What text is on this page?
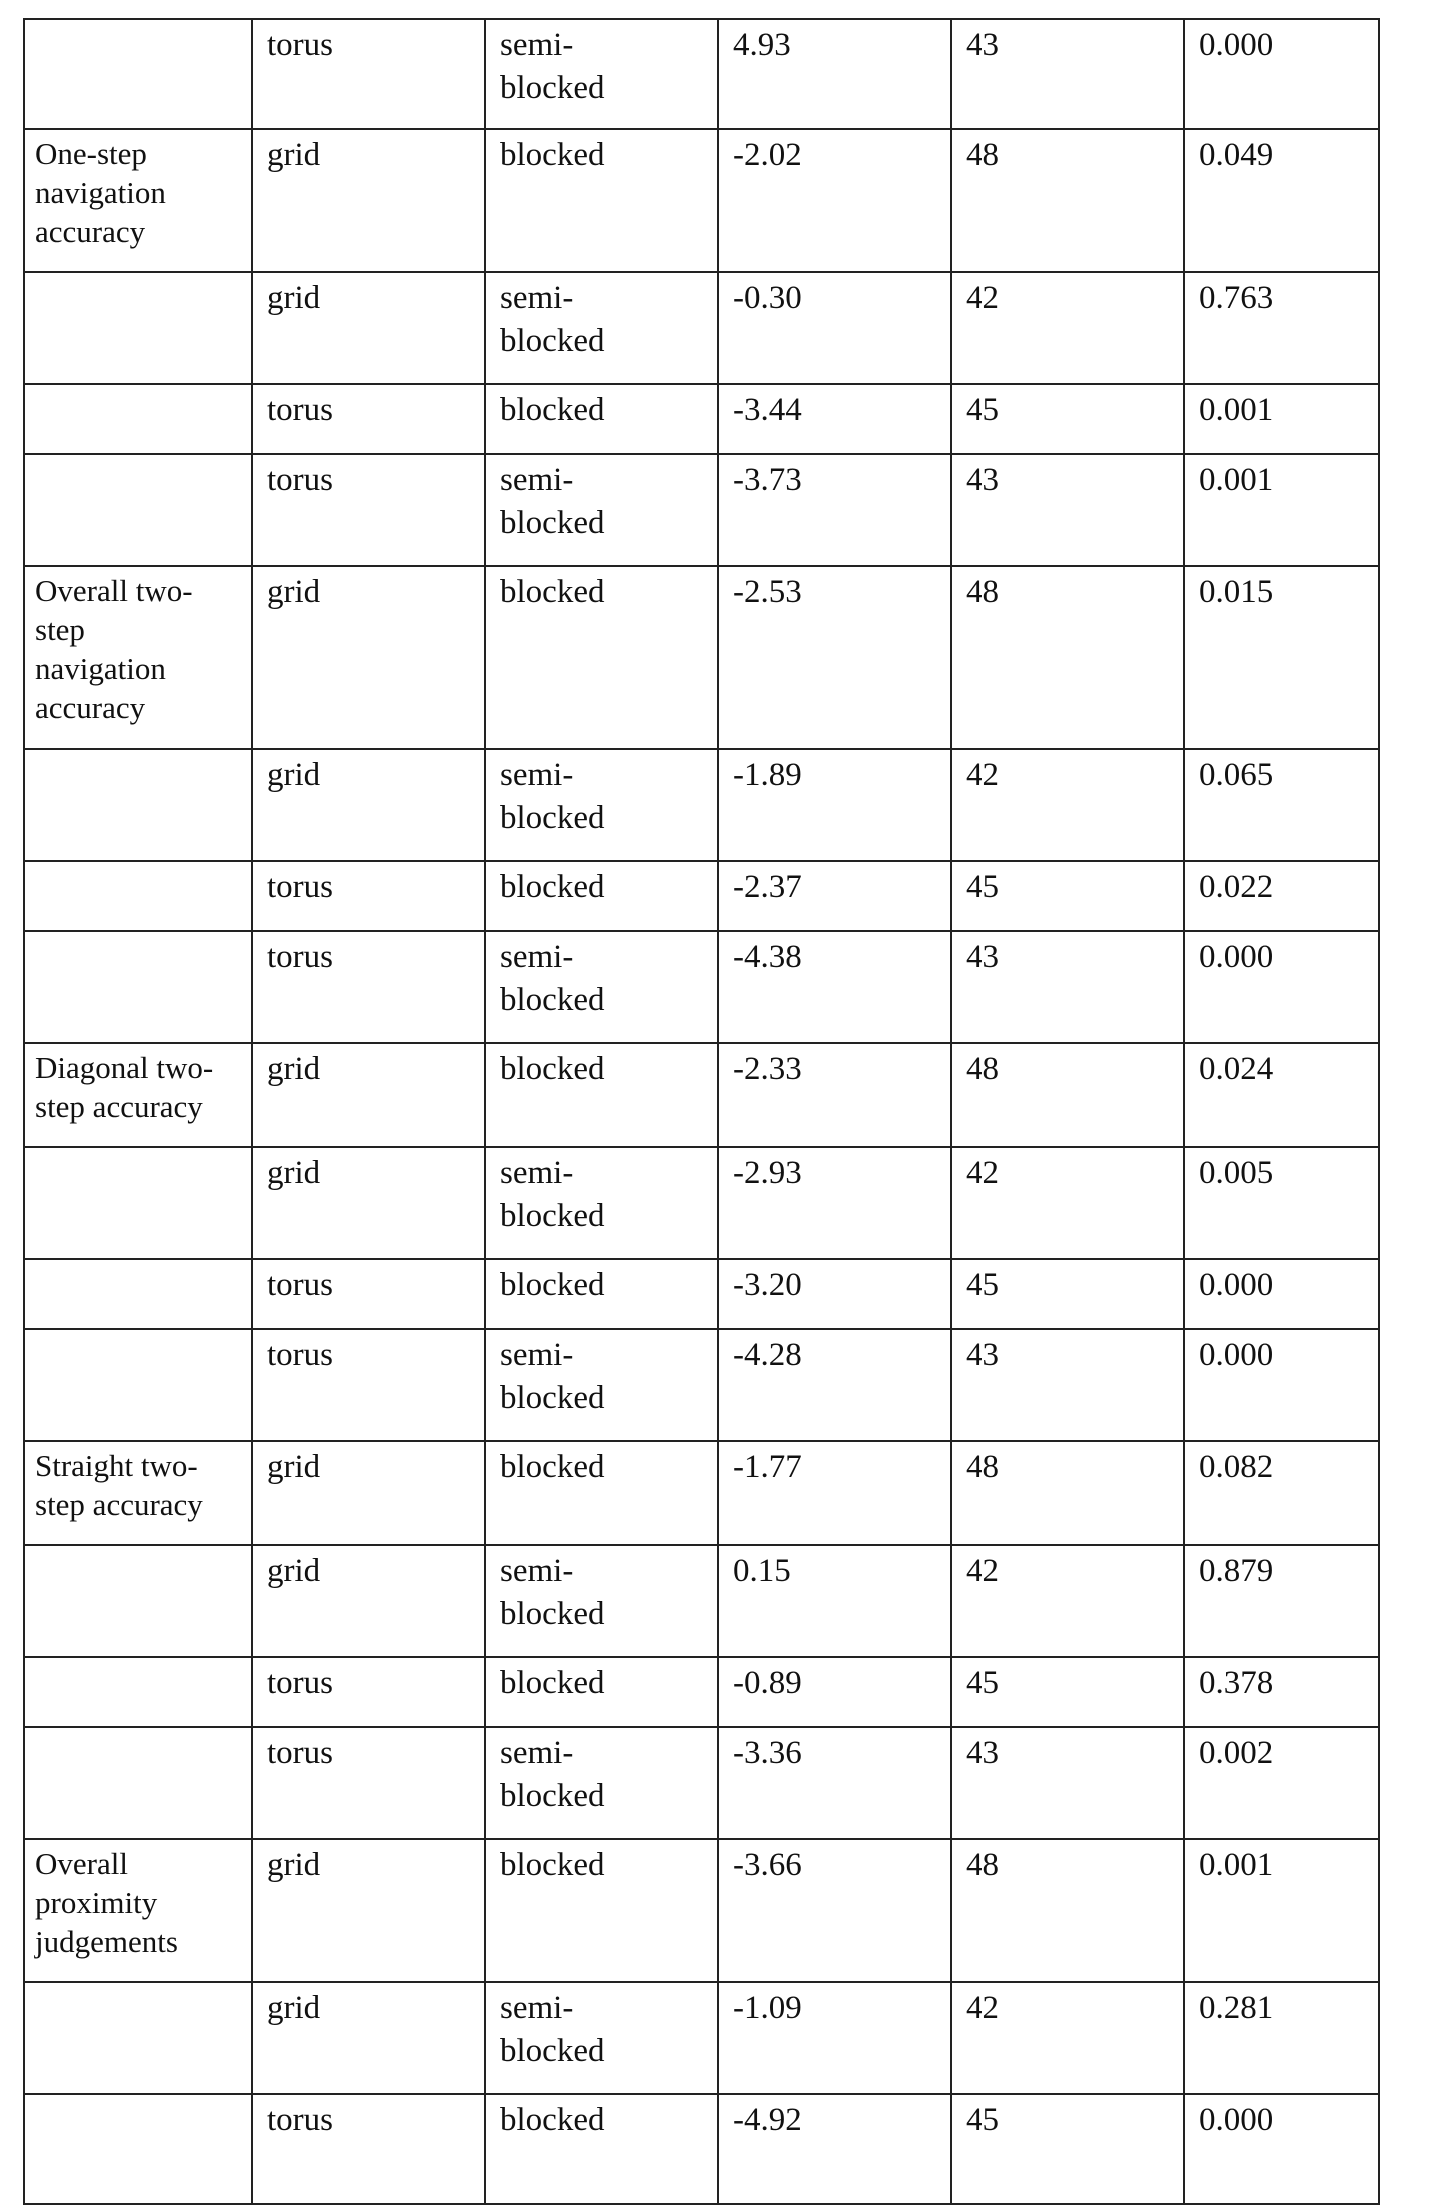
	torus	semi-
blocked	4.93	43	0.000

One-step
navigation
accuracy	grid	blocked	-2.02	48	0.049

	grid	semi-
blocked	-0.30	42	0.763

	torus	blocked	-3.44	45	0.001

	torus	semi-
blocked	-3.73	43	0.001

Overall two-
step
navigation
accuracy	grid	blocked	-2.53	48	0.015

	grid	semi-
blocked	-1.89	42	0.065

	torus	blocked	-2.37	45	0.022

	torus	semi-
blocked	-4.38	43	0.000

Diagonal two-
step accuracy	grid	blocked	-2.33	48	0.024

	grid	semi-
blocked	-2.93	42	0.005

	torus	blocked	-3.20	45	0.000

	torus	semi-
blocked	-4.28	43	0.000

Straight two-
step accuracy	grid	blocked	-1.77	48	0.082

	grid	semi-
blocked	0.15	42	0.879

	torus	blocked	-0.89	45	0.378

	torus	semi-
blocked	-3.36	43	0.002

Overall
proximity
judgements	grid	blocked	-3.66	48	0.001

	grid	semi-
blocked	-1.09	42	0.281

	torus	blocked	-4.92	45	0.000
